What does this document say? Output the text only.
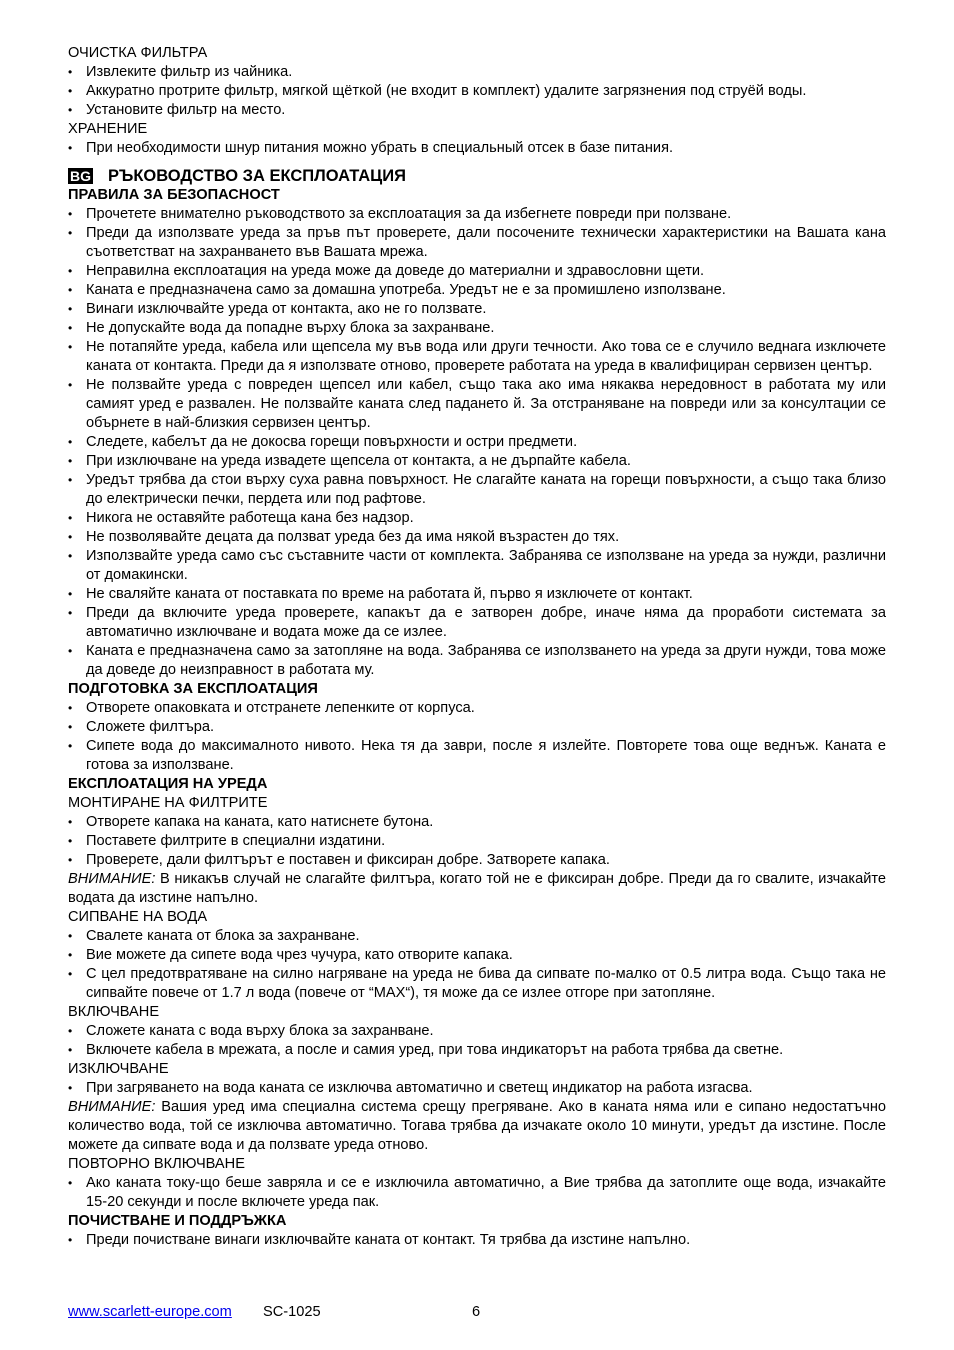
ОЧИСТКА ФИЛЬТРА

• Извлеките фильтр из чайника.
• Аккуратно протрите фильтр, мягкой щёткой (не входит в комплект) удалите загрязнения под струёй воды.
• Установите фильтр на место.

ХРАНЕНИЕ

• При необходимости шнур питания можно убрать в специальный отсек в базе питания.
BG РЪКОВОДСТВО ЗА ЕКСПЛОАТАЦИЯ

ПРАВИЛА ЗА БЕЗОПАСНОСТ

• Прочетете внимателно ръководството за експлоатация за да избегнете повреди при ползване.
• Преди да използвате уреда за пръв път проверете, дали посочените технически характеристики на Вашата кана съответстват на захранването във Вашата мрежа.
• Неправилна експлоатация на уреда може да доведе до материални и здравословни щети.
• Каната е предназначена само за домашна употреба. Уредът не е за промишлено използване.
• Винаги изключвайте уреда от контакта, ако не го ползвате.
• Не допускайте вода да попадне върху блока за захранване.
• Не потапяйте уреда, кабела или щепсела му във вода или други течности. Ако това се е случило веднага изключете каната от контакта. Преди да я използвате отново, проверете работата на уреда в квалифициран сервизен център.
• Не ползвайте уреда с повреден щепсел или кабел, също така ако има някаква нередовност в работата му или самият уред е развален. Не ползвайте каната след падането й. За отстраняване на повреди или за консултации се обърнете в най-близкия сервизен център.
• Следете, кабелът да не докосва горещи повърхности и остри предмети.
• При изключване на уреда извадете щепсела от контакта, а не дърпайте кабела.
• Уредът трябва да стои върху суха равна повърхност. Не слагайте каната на горещи повърхности, а също така близо до електрически печки, пердета или под рафтове.
• Никога не оставяйте работеща кана без надзор.
• Не позволявайте децата да ползват уреда без да има някой възрастен до тях.
• Използвайте уреда само със съставните части от комплекта. Забранява се използване на уреда за нужди, различни от домакински.
• Не сваляйте каната от поставката по време на работата й, първо я изключете от контакт.
• Преди да включите уреда проверете, капакът да е затворен добре, иначе няма да проработи системата за автоматично изключване и водата може да се излее.
• Каната е предназначена само за затопляне на вода. Забранява се използването на уреда за други нужди, това може да доведе до неизправност в работата му.

ПОДГОТОВКА ЗА ЕКСПЛОАТАЦИЯ

• Отворете опаковката и отстранете лепенките от корпуса.
• Сложете филтъра.
• Сипете вода до максималното нивото. Нека тя да заври, после я излейте. Повторете това още веднъж. Каната е готова за използване.

ЕКСПЛОАТАЦИЯ НА УРЕДА

МОНТИРАНЕ НА ФИЛТРИТЕ

• Отворете капака на каната, като натиснете бутона.
• Поставете филтрите в специални издатини.
• Проверете, дали филтърът е поставен и фиксиран добре. Затворете капака.

ВНИМАНИЕ: В никакъв случай не слагайте филтъра, когато той не е фиксиран добре. Преди да го свалите, изчакайте водата да изстине напълно.

СИПВАНЕ НА ВОДА

• Свалете каната от блока за захранване.
• Вие можете да сипете вода чрез чучура, като отворите капака.
• С цел предотвратяване на силно нагряване на уреда не бива да сипвате по-малко от 0.5 литра вода. Също така не сипвайте повече от 1.7 л вода (повече от “MAX“), тя може да се излее отгоре при затопляне.

ВКЛЮЧВАНЕ

• Сложете каната с вода върху блока за захранване.
• Включете кабела в мрежата, а после и самия уред, при това индикаторът на работа трябва да светне.

ИЗКЛЮЧВАНЕ

• При загряването на вода каната се изключва автоматично и светещ индикатор на работа изгасва.

ВНИМАНИЕ: Вашия уред има специална система срещу прегряване. Ако в каната няма или е сипано недостатъчно количество вода, той се изключва автоматично. Тогава трябва да изчакате около 10 минути, уредът да изстине. После можете да сипвате вода и да ползвате уреда отново.

ПОВТОРНО ВКЛЮЧВАНЕ

• Ако каната току-що беше завряла и се е изключила автоматично, а Вие трябва да затоплите още вода, изчакайте 15-20 секунди и после включете уреда пак.

ПОЧИСТВАНЕ И ПОДДРЪЖКА

• Преди почистване винаги изключвайте каната от контакт. Тя трябва да изстине напълно.
www.scarlett-europe.com SC-1025	6
